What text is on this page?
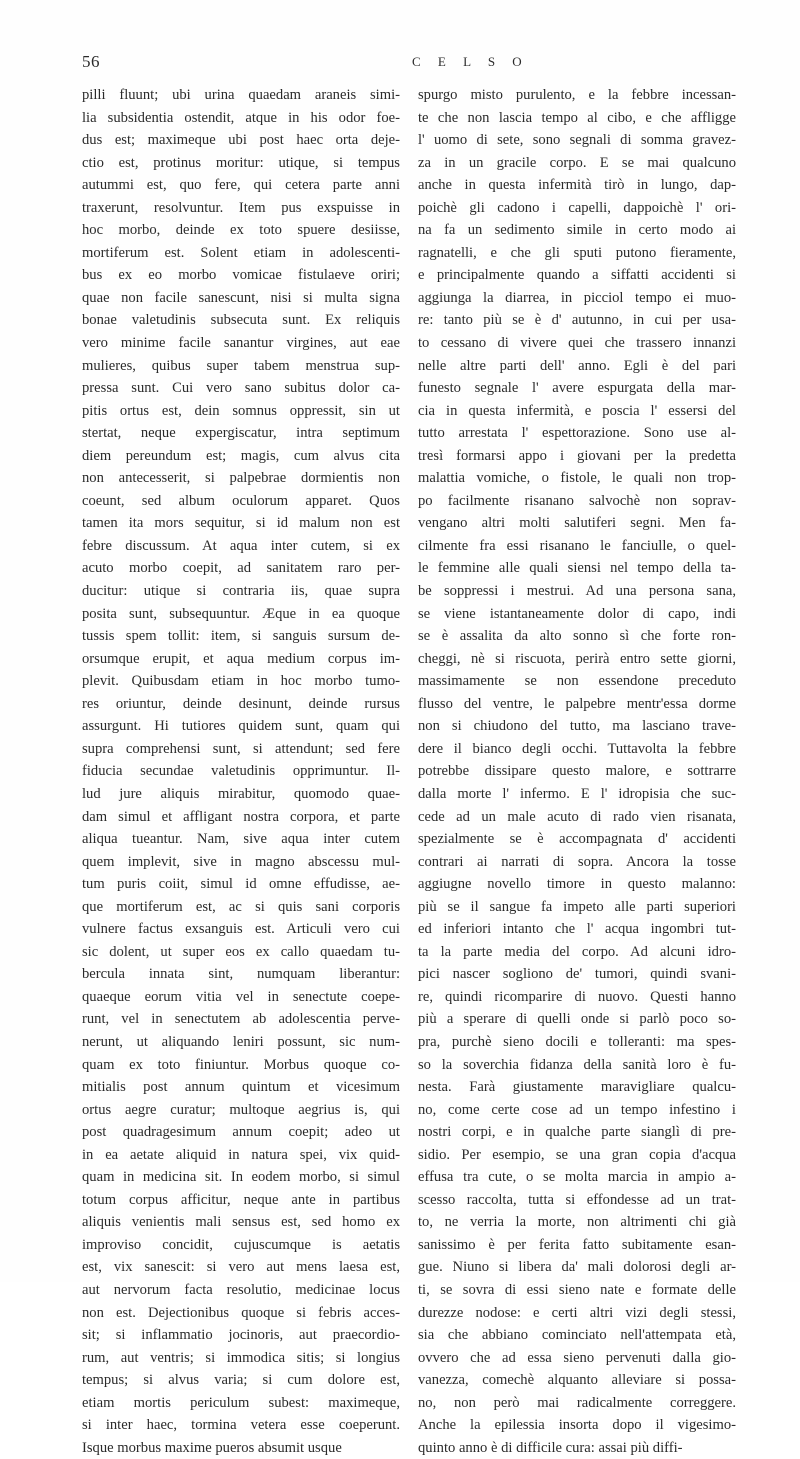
56	C E L S O
pilli fluunt; ubi urina quaedam araneis simi-
lia subsidentia ostendit, atque in his odor foe-
dus est; maximeque ubi post haec orta deje-
ctio est, protinus moritur: utique, si tempus
autummi est, quo fere, qui cetera parte anni
traxerunt, resolvuntur. Item pus exspuisse in
hoc morbo, deinde ex toto spuere desiisse,
mortiferum est. Solent etiam in adolescenti-
bus ex eo morbo vomicae fistulaeve oriri;
quae non facile sanescunt, nisi si multa signa
bonae valetudinis subsecuta sunt. Ex reliquis
vero minime facile sanantur virgines, aut eae
mulieres, quibus super tabem menstrua sup-
pressa sunt. Cui vero sano subitus dolor ca-
pitis ortus est, dein somnus oppressit, sin ut
stertat, neque expergiscatur, intra septimum
diem pereundum est; magis, cum alvus cita
non antecesserit, si palpebrae dormientis non
coeunt, sed album oculorum apparet. Quos
tamen ita mors sequitur, si id malum non est
febre discussum. At aqua inter cutem, si ex
acuto morbo coepit, ad sanitatem raro per-
ducitur: utique si contraria iis, quae supra
posita sunt, subsequuntur. Æque in ea quoque
tussis spem tollit: item, si sanguis sursum de-
orsumque erupit, et aqua medium corpus im-
plevit. Quibusdam etiam in hoc morbo tumo-
res oriuntur, deinde desinunt, deinde rursus
assurgunt. Hi tutiores quidem sunt, quam qui
supra comprehensi sunt, si attendunt; sed fere
fiducia secundae valetudinis opprimuntur. Il-
lud jure aliquis mirabitur, quomodo quae-
dam simul et affligant nostra corpora, et parte
aliqua tueantur. Nam, sive aqua inter cutem
quem implevit, sive in magno abscessu mul-
tum puris coiit, simul id omne effudisse, ae-
que mortiferum est, ac si quis sani corporis
vulnere factus exsanguis est. Articuli vero cui
sic dolent, ut super eos ex callo quaedam tu-
bercula innata sint, numquam liberantur:
quaeque eorum vitia vel in senectute coepe-
runt, vel in senectutem ab adolescentia perve-
nerunt, ut aliquando leniri possunt, sic num-
quam ex toto finiuntur. Morbus quoque co-
mitialis post annum quintum et vicesimum
ortus aegre curatur; multoque aegrius is, qui
post quadragesimum annum coepit; adeo ut
in ea aetate aliquid in natura spei, vix quid-
quam in medicina sit. In eodem morbo, si simul
totum corpus afficitur, neque ante in partibus
aliquis venientis mali sensus est, sed homo ex
improviso concidit, cujuscumque is aetatis
est, vix sanescit: si vero aut mens laesa est,
aut nervorum facta resolutio, medicinae locus
non est. Dejectionibus quoque si febris acces-
sit; si inflammatio jocinoris, aut praecordio-
rum, aut ventris; si immodica sitis; si longius
tempus; si alvus varia; si cum dolore est,
etiam mortis periculum subest: maximeque,
si inter haec, tormina vetera esse coeperunt.
Isque morbus maxime pueros absumit usque
spurgo misto purulento, e la febbre incessan-
te che non lascia tempo al cibo, e che affligge
l' uomo di sete, sono segnali di somma gravez-
za in un gracile corpo. E se mai qualcuno
anche in questa infermità tirò in lungo, dap-
poichè gli cadono i capelli, dappoichè l' ori-
na fa un sedimento simile in certo modo ai
ragnatelli, e che gli sputi putono fieramente,
e principalmente quando a siffatti accidenti si
aggiunga la diarrea, in picciol tempo ei muo-
re: tanto più se è d' autunno, in cui per usa-
to cessano di vivere quei che trassero innanzi
nelle altre parti dell' anno. Egli è del pari
funesto segnale l' avere espurgata della mar-
cia in questa infermità, e poscia l' essersi del
tutto arrestata l' espettorazione. Sono use al-
tresì formarsi appo i giovani per la predetta
malattia vomiche, o fistole, le quali non trop-
po facilmente risanano salvochè non soprav-
vengano altri molti salutiferi segni. Men fa-
cilmente fra essi risanano le fanciulle, o quel-
le femmine alle quali siensi nel tempo della ta-
be soppressi i mestrui. Ad una persona sana,
se viene istantaneamente dolor di capo, indi
se è assalita da alto sonno sì che forte ron-
cheggi, nè si riscuota, perirà entro sette giorni,
massimamente se non essendone preceduto
flusso del ventre, le palpebre mentr'essa dorme
non si chiudono del tutto, ma lasciano trave-
dere il bianco degli occhi. Tuttavolta la febbre
potrebbe dissipare questo malore, e sottrarre
dalla morte l' infermo. E l' idropisia che suc-
cede ad un male acuto di rado vien risanata,
spezialmente se è accompagnata d' accidenti
contrari ai narrati di sopra. Ancora la tosse
aggiugne novello timore in questo malanno:
più se il sangue fa impeto alle parti superiori
ed inferiori intanto che l' acqua ingombri tut-
ta la parte media del corpo. Ad alcuni idro-
pici nascer sogliono de' tumori, quindi svani-
re, quindi ricomparire di nuovo. Questi hanno
più a sperare di quelli onde si parlò poco so-
pra, purchè sieno docili e tolleranti: ma spes-
so la soverchia fidanza della sanità loro è fu-
nesta. Farà giustamente maravigliare qualcu-
no, come certe cose ad un tempo infestino i
nostri corpi, e in qualche parte sianglì di pre-
sidio. Per esempio, se una gran copia d'acqua
effusa tra cute, o se molta marcia in ampio a-
scesso raccolta, tutta si effondesse ad un trat-
to, ne verria la morte, non altrimenti chi già
sanissimo è per ferita fatto subitamente esan-
gue. Niuno si libera da' mali dolorosi degli ar-
ti, se sovra di essi sieno nate e formate delle
durezze nodose: e certi altri vizi degli stessi,
sia che abbiano cominciato nell'attempata età,
ovvero che ad essa sieno pervenuti dalla gio-
vanezza, comechè alquanto alleviare si possa-
no, non però mai radicalmente correggere.
Anche la epilessia insorta dopo il vigesimo-
quinto anno è di difficile cura: assai più diffi-
